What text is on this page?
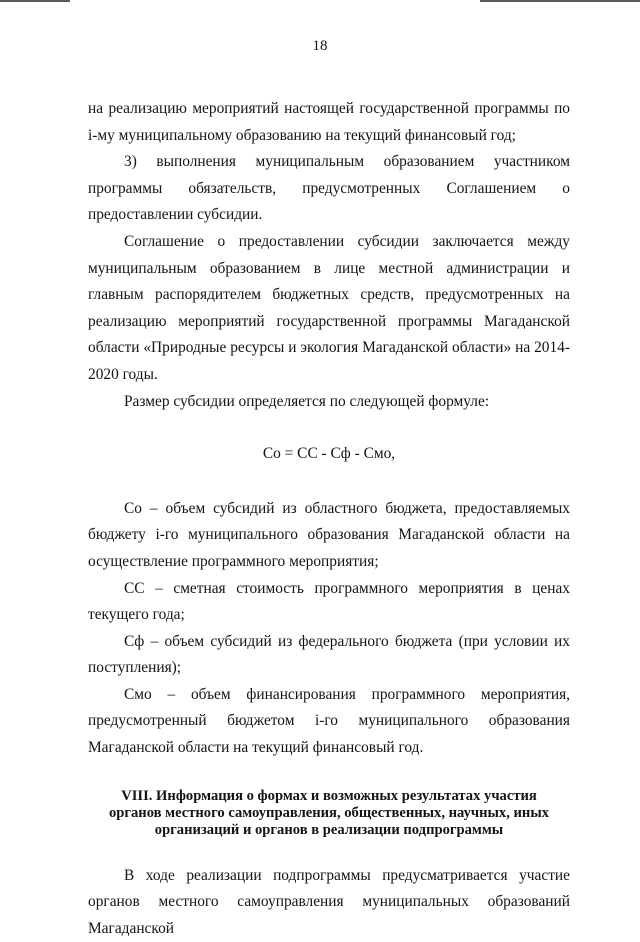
18

на реализацию мероприятий настоящей государственной программы по i-му муниципальному образованию на текущий финансовый год;

3) выполнения муниципальным образованием участником программы обязательств, предусмотренных Соглашением о предоставлении субсидии.

Соглашение о предоставлении субсидии заключается между муниципальным образованием в лице местной администрации и главным распорядителем бюджетных средств, предусмотренных на реализацию мероприятий государственной программы Магаданской области «Природные ресурсы и экология Магаданской области» на 2014-2020 годы.

Размер субсидии определяется по следующей формуле:

Со = СС - Сф - Смо,

Со – объем субсидий из областного бюджета, предоставляемых бюджету i-го муниципального образования Магаданской области на осуществление программного мероприятия;

СС – сметная стоимость программного мероприятия в ценах текущего года;

Сф – объем субсидий из федерального бюджета (при условии их поступления);

Смо – объем финансирования программного мероприятия, предусмотренный бюджетом i-го муниципального образования Магаданской области на текущий финансовый год.

VIII. Информация о формах и возможных результатах участия
органов местного самоуправления, общественных, научных, иных
организаций и органов в реализации подпрограммы

В ходе реализации подпрограммы предусматривается участие органов местного самоуправления муниципальных образований Магаданской
